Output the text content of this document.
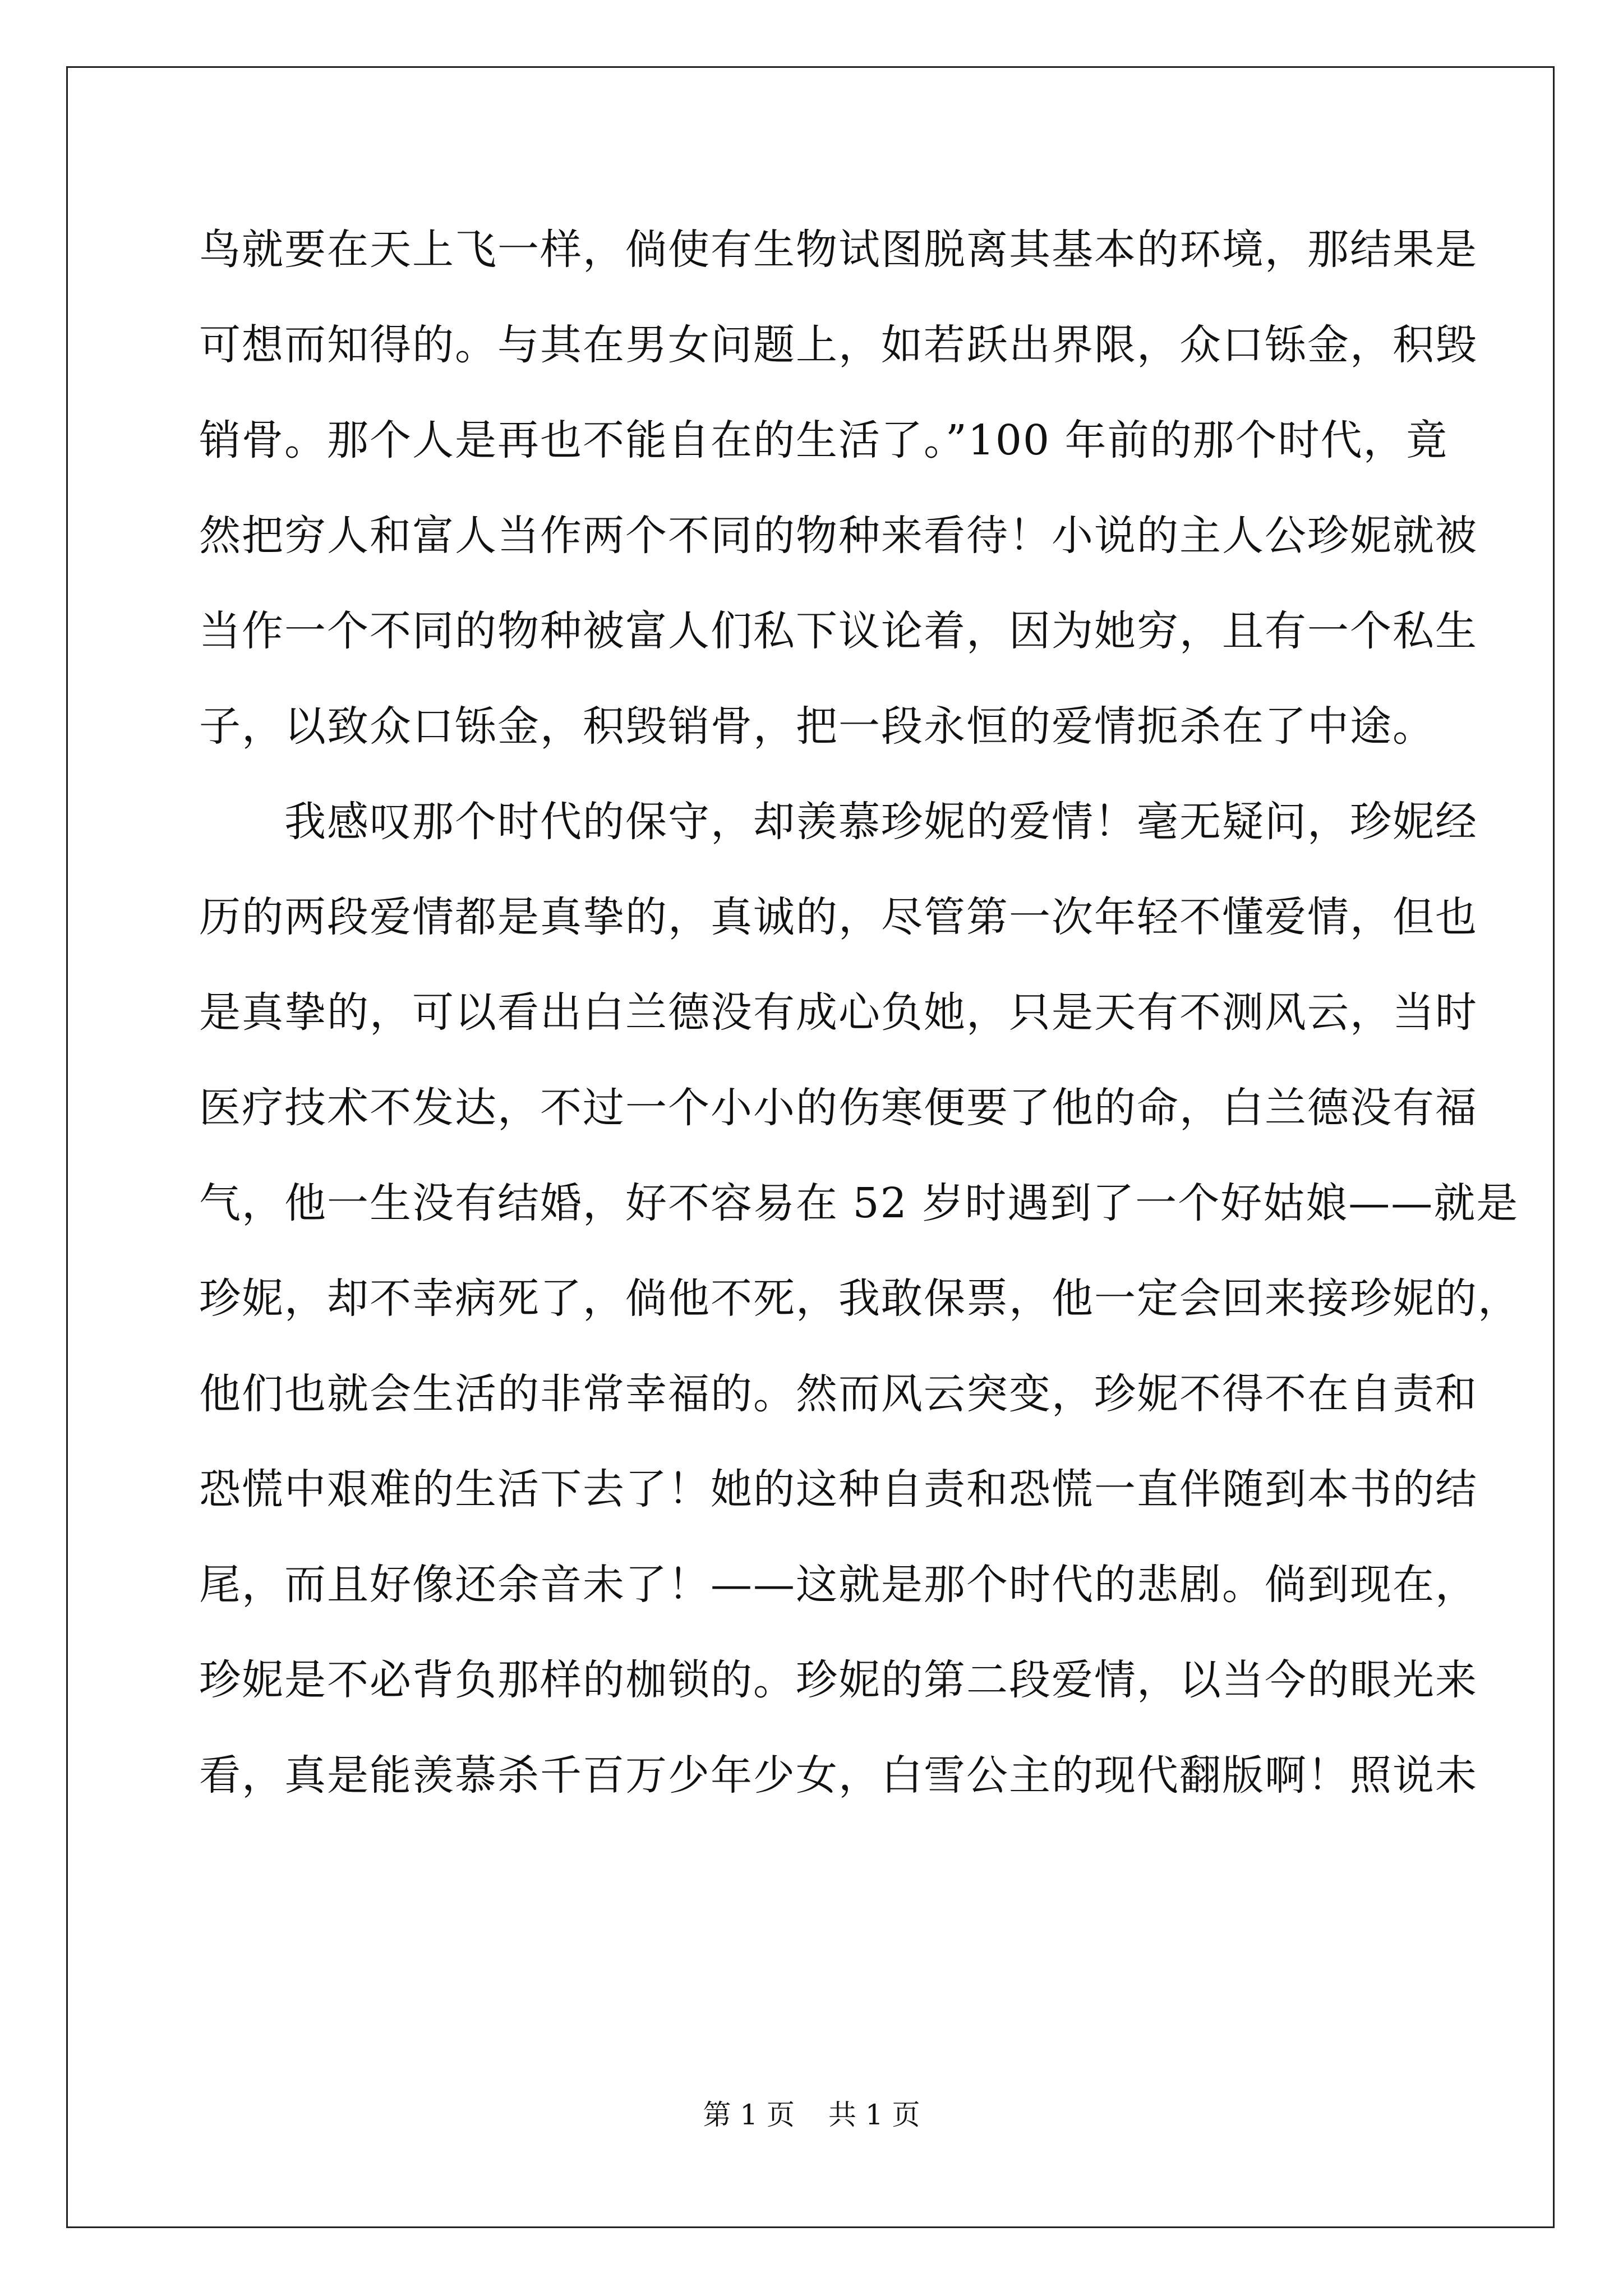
鸟就要在天上飞一样，倘使有生物试图脱离其基本的环境，那结果是
可想而知得的。与其在男女问题上，如若跃出界限，众口铄金，积毁
销骨。那个人是再也不能自在的生活了。”100 年前的那个时代，竟
然把穷人和富人当作两个不同的物种来看待！小说的主人公珍妮就被
当作一个不同的物种被富人们私下议论着，因为她穷，且有一个私生
子，以致众口铄金，积毁销骨，把一段永恒的爱情扼杀在了中途。
　　我感叹那个时代的保守，却羡慕珍妮的爱情！毫无疑问，珍妮经
历的两段爱情都是真挚的，真诚的，尽管第一次年轻不懂爱情，但也
是真挚的，可以看出白兰德没有成心负她，只是天有不测风云，当时
医疗技术不发达，不过一个小小的伤寒便要了他的命，白兰德没有福
气，他一生没有结婚，好不容易在 52 岁时遇到了一个好姑娘——就是
珍妮，却不幸病死了，倘他不死，我敢保票，他一定会回来接珍妮的，
他们也就会生活的非常幸福的。然而风云突变，珍妮不得不在自责和
恐慌中艰难的生活下去了！她的这种自责和恐慌一直伴随到本书的结
尾，而且好像还余音未了！——这就是那个时代的悲剧。倘到现在，
珍妮是不必背负那样的枷锁的。珍妮的第二段爱情，以当今的眼光来
看，真是能羡慕杀千百万少年少女，白雪公主的现代翻版啊！照说未
第 1 页 共 1 页
